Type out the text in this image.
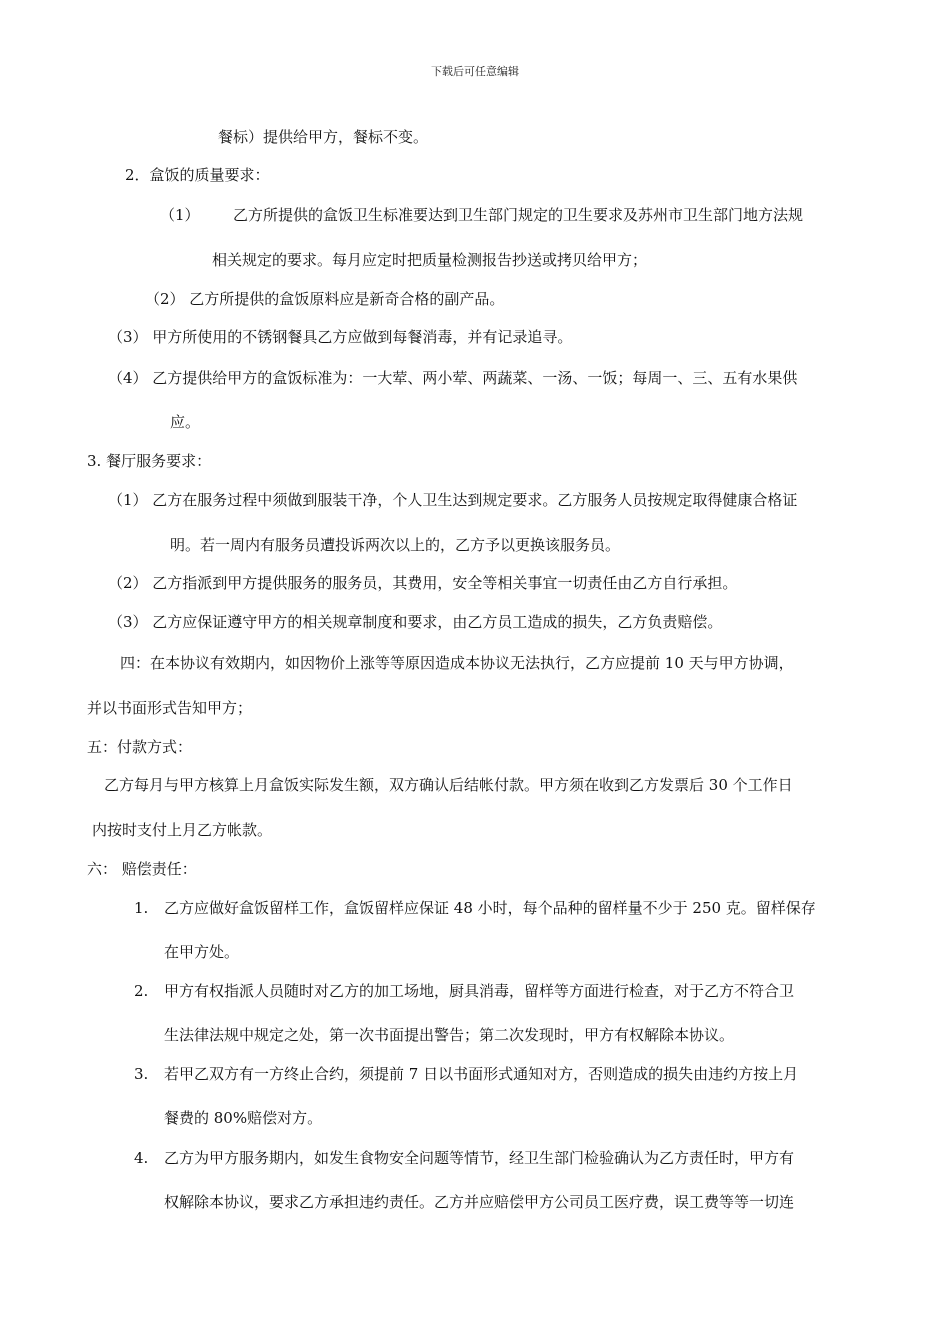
下载后可任意编辑
餐标）提供给甲方，餐标不变。
2．盒饭的质量要求：
（1） 乙方所提供的盒饭卫生标准要达到卫生部门规定的卫生要求及苏州市卫生部门地方法规
相关规定的要求。每月应定时把质量检测报告抄送或拷贝给甲方；
（2） 乙方所提供的盒饭原料应是新奇合格的副产品。
（3） 甲方所使用的不锈钢餐具乙方应做到每餐消毒，并有记录追寻。
（4） 乙方提供给甲方的盒饭标准为：一大荤、两小荤、两蔬菜、一汤、一饭；每周一、三、五有水果供
应。
3. 餐厅服务要求：
（1） 乙方在服务过程中须做到服装干净，个人卫生达到规定要求。乙方服务人员按规定取得健康合格证
明。若一周内有服务员遭投诉两次以上的，乙方予以更换该服务员。
（2） 乙方指派到甲方提供服务的服务员，其费用，安全等相关事宜一切责任由乙方自行承担。
（3） 乙方应保证遵守甲方的相关规章制度和要求，由乙方员工造成的损失，乙方负责赔偿。
四：在本协议有效期内，如因物价上涨等等原因造成本协议无法执行，乙方应提前 10 天与甲方协调，
并以书面形式告知甲方；
五：付款方式：
乙方每月与甲方核算上月盒饭实际发生额，双方确认后结帐付款。甲方须在收到乙方发票后 30 个工作日
内按时支付上月乙方帐款。
六： 赔偿责任：
1. 乙方应做好盒饭留样工作，盒饭留样应保证 48 小时，每个品种的留样量不少于 250 克。留样保存
在甲方处。
2. 甲方有权指派人员随时对乙方的加工场地，厨具消毒，留样等方面进行检查，对于乙方不符合卫
生法律法规中规定之处，第一次书面提出警告；第二次发现时，甲方有权解除本协议。
3. 若甲乙双方有一方终止合约，须提前 7 日以书面形式通知对方，否则造成的损失由违约方按上月
餐费的 80%赔偿对方。
4. 乙方为甲方服务期内，如发生食物安全问题等情节，经卫生部门检验确认为乙方责任时，甲方有
权解除本协议，要求乙方承担违约责任。乙方并应赔偿甲方公司员工医疗费，误工费等等一切连
